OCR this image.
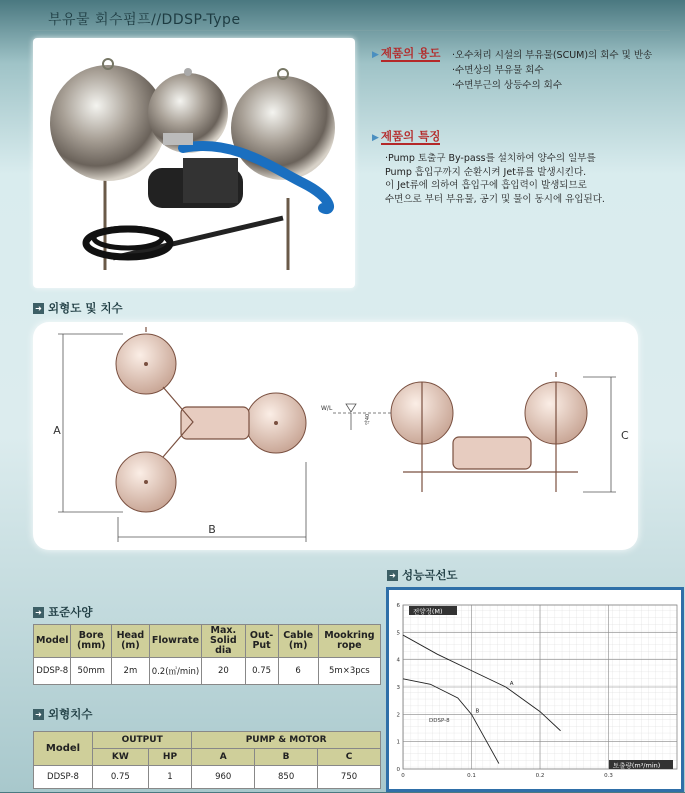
부유물 회수펌프//DDSP-Type
▶ 제품의 용도 ·오수처리 시설의 부유물(SCUM)의 회수 및 반송
·수면상의 부유물 회수
·수면부근의 상등수의 회수
▶ 제품의 특징
·Pump 토출구 By-pass를 설치하여 양수의 일부를
Pump 흡입구까지 순환시켜 Jet류를 발생시킨다.
이 Jet류에 의하여 흡입구에 흡입력이 발생되므로
수면으로 부터 부유물, 공기 및 물이 동시에 유입된다.
➜ 외형도 및 치수
A
B
C
W/L
약40
➜ 성능곡선도
전양정(M)
토출량(m³/min)
DDSP-8
0
1
2
3
4
5
6
0	0.1	0.2	0.3
A
B
➜ 표준사양
Model	Bore (mm)	Head (m)	Flowrate	Max. Solid dia	Out-Put	Cable (m)	Mookring rope
DDSP-8	50mm	2m	0.2(㎥/min)	20	0.75	6	5m×3pcs
➜ 외형치수
Model	OUTPUT		PUMP & MOTOR		
	KW	HP	A	B	C
DDSP-8	0.75	1	960	850	750
